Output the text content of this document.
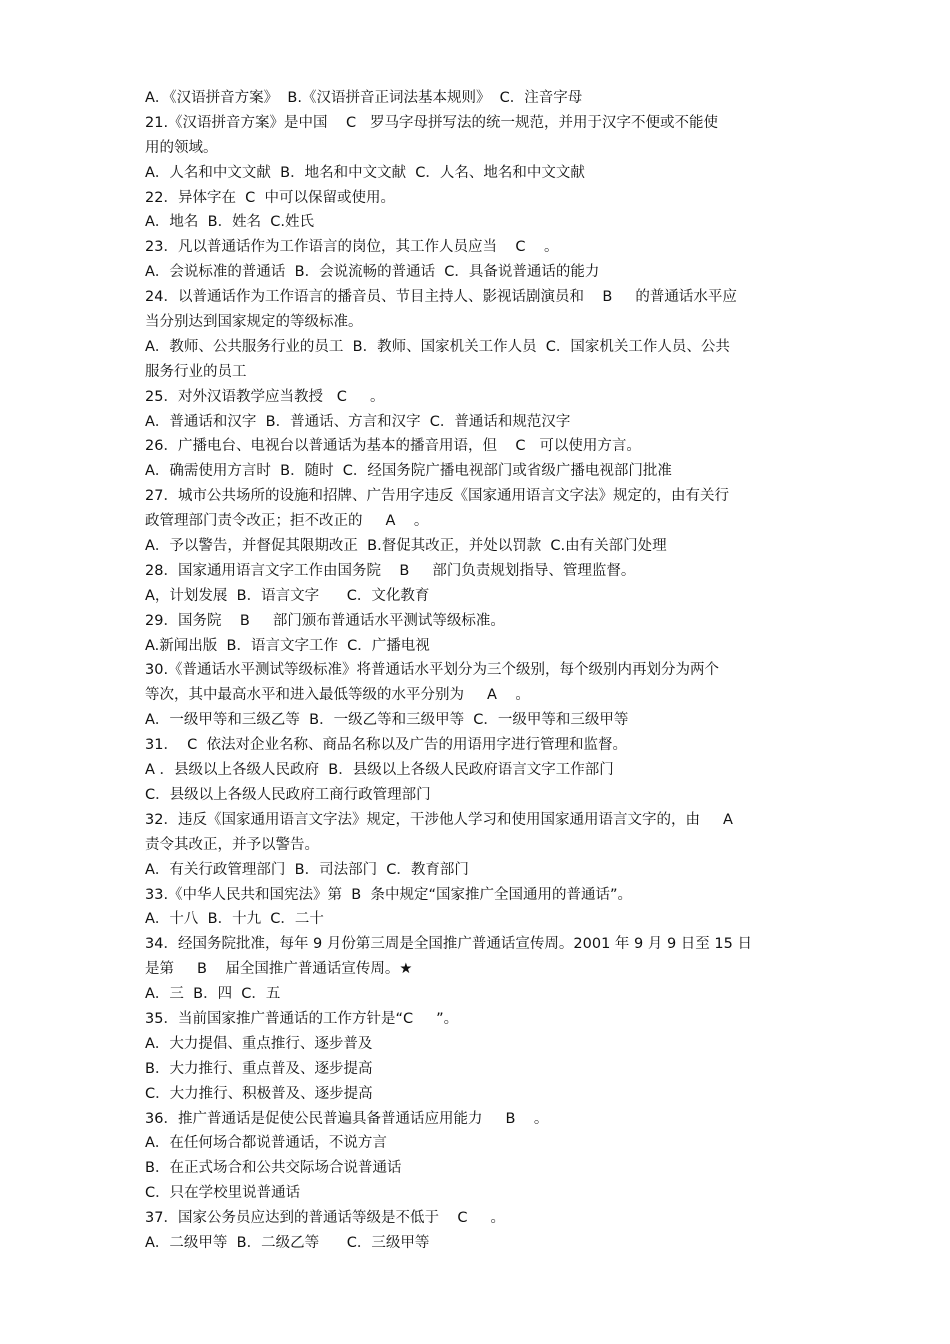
A．《汉语拼音方案》  B.《汉语拼音正词法基本规则》  C．注音字母
21.《汉语拼音方案》是中国    C   罗马字母拼写法的统一规范，并用于汉字不便或不能使
用的领域。
A．人名和中文文献  B．地名和中文文献  C．人名、地名和中文文献
22．异体字在  C  中可以保留或使用。
A．地名  B．姓名  C.姓氏
23．凡以普通话作为工作语言的岗位，其工作人员应当    C    。
A．会说标准的普通话  B．会说流畅的普通话  C．具备说普通话的能力
24．以普通话作为工作语言的播音员、节目主持人、影视话剧演员和    B     的普通话水平应
当分别达到国家规定的等级标准。
A．教师、公共服务行业的员工  B．教师、国家机关工作人员  C．国家机关工作人员、公共
服务行业的员工
25．对外汉语教学应当教授   C     。
A．普通话和汉字  B．普通话、方言和汉字  C．普通话和规范汉字
26．广播电台、电视台以普通话为基本的播音用语，但    C   可以使用方言。
A．确需使用方言时  B．随时  C．经国务院广播电视部门或省级广播电视部门批准
27．城市公共场所的设施和招牌、广告用字违反《国家通用语言文字法》规定的，由有关行
政管理部门责令改正；拒不改正的     A    。
A．予以警告，并督促其限期改正  B.督促其改正，并处以罚款  C.由有关部门处理
28．国家通用语言文字工作由国务院    B     部门负责规划指导、管理监督。
A，计划发展  B．语言文字      C．文化教育
29．国务院    B     部门颁布普通话水平测试等级标准。
A.新闻出版  B．语言文字工作  C．广播电视
30.《普通话水平测试等级标准》将普通话水平划分为三个级别，每个级别内再划分为两个
等次，其中最高水平和进入最低等级的水平分别为     A    。
A．一级甲等和三级乙等  B．一级乙等和三级甲等  C．一级甲等和三级甲等
31．  C  依法对企业名称、商品名称以及广告的用语用字进行管理和监督。
A ．县级以上各级人民政府  B．县级以上各级人民政府语言文字工作部门
C．县级以上各级人民政府工商行政管理部门
32．违反《国家通用语言文字法》规定，干涉他人学习和使用国家通用语言文字的，由     A
责令其改正，并予以警告。
A．有关行政管理部门  B．司法部门  C．教育部门
33.《中华人民共和国宪法》第  B  条中规定“国家推广全国通用的普通话”。
A．十八  B．十九  C．二十
34．经国务院批准，每年 9 月份第三周是全国推广普通话宣传周。2001 年 9 月 9 日至 15 日
是第     B    届全国推广普通话宣传周。★
A．三  B．四  C．五
35．当前国家推广普通话的工作方针是“C     ”。
A．大力提倡、重点推行、逐步普及
B．大力推行、重点普及、逐步提高
C．大力推行、积极普及、逐步提高
36．推广普通话是促使公民普遍具备普通话应用能力     B    。
A．在任何场合都说普通话，不说方言
B．在正式场合和公共交际场合说普通话
C．只在学校里说普通话
37．国家公务员应达到的普通话等级是不低于    C     。
A．二级甲等  B．二级乙等      C．三级甲等
